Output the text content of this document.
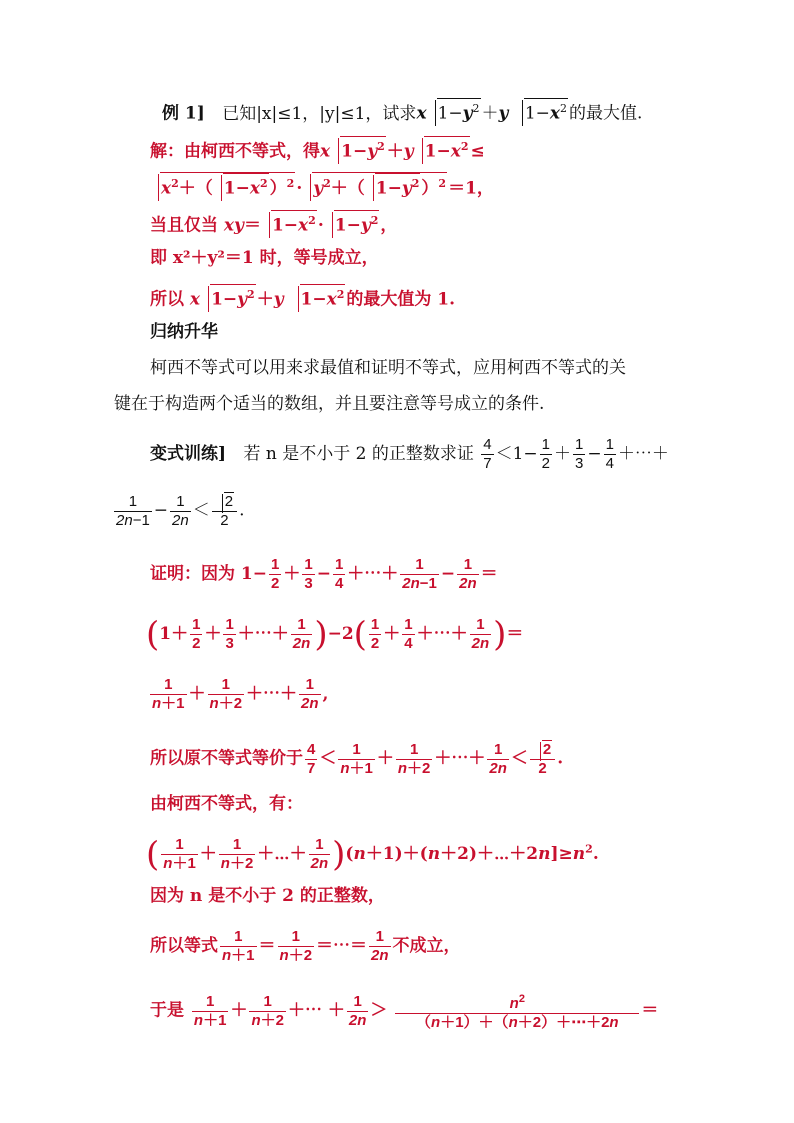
例 1] 已知|x|≤1，|y|≤1，试求x $1-y^2 +y$ $1-x^2$ 的最大值.
解：由柯西不等式，得x $1-y^2 +y$ $1-x^2$ ≤
$x^2+$（ $1-x^2$ ）$^2 \cdot y^2+$（ $1-y^2$ ）$^2$ ＝1，
当且仅当 $xy= 1-x^2 \cdot 1-y^2$ ，
即 x²＋y²＝1 时，等号成立，
所以 x $1-y^2 +y$ $1-x^2$ 的最大值为 1.
归纳升华
柯西不等式可以用来求最值和证明不等式，应用柯西不等式的关
键在于构造两个适当的数组，并且要注意等号成立的条件.
变式训练] 若 n 是不小于 2 的正整数求证 $\frac{4}{7} <1- \frac{1}{2} + \frac{1}{3} - \frac{1}{4}$ ＋⋯＋
$\frac{1}{2n-1} - \frac{1}{2n} < \frac{2}{2}$ .
证明：因为 $1- \frac{1}{2} + \frac{1}{3} - \frac{1}{4}$ ＋⋯＋ $\frac{1}{2n-1} - \frac{1}{2n}$ ＝
($1+ \frac{1}{2} + \frac{1}{3}$ ＋⋯＋ $\frac{1}{2n} )-2( \frac{1}{2} + \frac{1}{4}$ ＋⋯＋ $\frac{1}{2n}$ )＝
$\frac{1}{n+1} + \frac{1}{n+2}$ ＋⋯＋ $\frac{1}{2n}$ ,
所以原不等式等价于 $\frac{4}{7} < \frac{1}{n+1} + \frac{1}{n+2}$ ＋⋯＋ $\frac{1}{2n} < \frac{2}{2}$ .
由柯西不等式，有：
( $\frac{1}{n+1} + \frac{1}{n+2}$ ＋⋯＋ $\frac{1}{2n}$ )$(n+1)+(n+2)+\cdots+2n]\ge n^2$.
因为 n 是不小于 2 的正整数，
所以等式 $\frac{1}{n+1} = \frac{1}{n+2}$ ＝⋯＝ $\frac{1}{2n}$ 不成立，
于是 $\frac{1}{n+1} + \frac{1}{n+2}$ ＋⋯ ＋ $\frac{1}{2n} > \frac{n^2}{(n+1)+(n+2)+\cdots+2n}$ ＝
